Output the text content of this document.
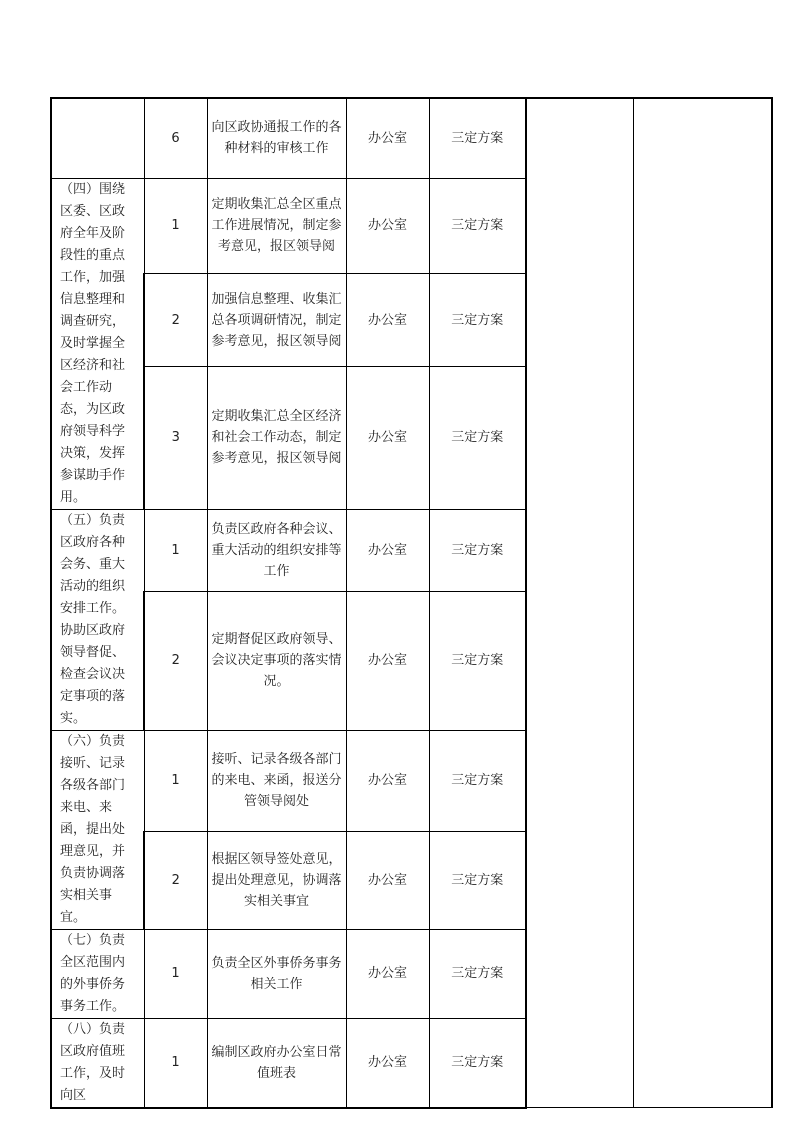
	6	向区政协通报工作的各种材料的审核工作	办公室	三定方案		
（四）围绕区委、区政府全年及阶段性的重点工作，加强信息整理和调查研究，及时掌握全区经济和社会工作动态，为区政府领导科学决策，发挥参谋助手作用。	1	定期收集汇总全区重点工作进展情况，制定参考意见，报区领导阅	办公室	三定方案		
	2	加强信息整理、收集汇总各项调研情况，制定参考意见，报区领导阅	办公室	三定方案		
	3	定期收集汇总全区经济和社会工作动态，制定参考意见，报区领导阅	办公室	三定方案		
（五）负责区政府各种会务、重大活动的组织安排工作。协助区政府领导督促、检查会议决定事项的落实。	1	负责区政府各种会议、重大活动的组织安排等工作	办公室	三定方案		
	2	定期督促区政府领导、会议决定事项的落实情况。	办公室	三定方案		
（六）负责接听、记录各级各部门来电、来函，提出处理意见，并负责协调落实相关事宜。	1	接听、记录各级各部门的来电、来函，报送分管领导阅处	办公室	三定方案		
	2	根据区领导签处意见，提出处理意见，协调落实相关事宜	办公室	三定方案		
（七）负责全区范围内的外事侨务事务工作。	1	负责全区外事侨务事务相关工作	办公室	三定方案		
（八）负责区政府值班工作，及时向区	1	编制区政府办公室日常值班表	办公室	三定方案		
